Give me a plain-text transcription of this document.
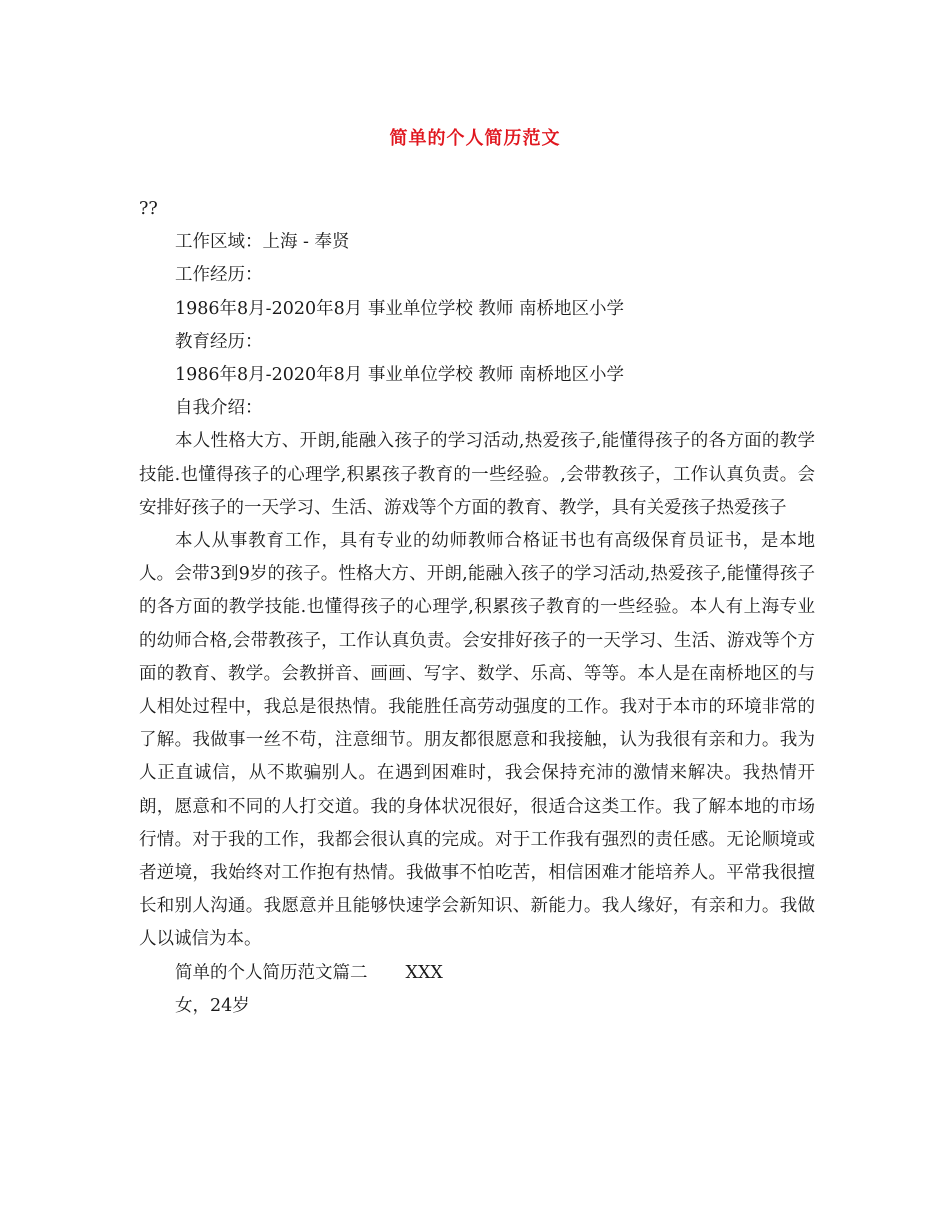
简单的个人简历范文

??

工作区域：上海 - 奉贤

工作经历：

1986年8月-2020年8月 事业单位学校 教师 南桥地区小学

教育经历：

1986年8月-2020年8月 事业单位学校 教师 南桥地区小学

自我介绍：

本人性格大方、开朗,能融入孩子的学习活动,热爱孩子,能懂得孩子的各方面的教学技能.也懂得孩子的心理学,积累孩子教育的一些经验。,会带教孩子，工作认真负责。会安排好孩子的一天学习、生活、游戏等个方面的教育、教学，具有关爱孩子热爱孩子

本人从事教育工作，具有专业的幼师教师合格证书也有高级保育员证书，是本地人。会带3到9岁的孩子。性格大方、开朗,能融入孩子的学习活动,热爱孩子,能懂得孩子的各方面的教学技能.也懂得孩子的心理学,积累孩子教育的一些经验。本人有上海专业的幼师合格,会带教孩子，工作认真负责。会安排好孩子的一天学习、生活、游戏等个方面的教育、教学。会教拼音、画画、写字、数学、乐高、等等。本人是在南桥地区的与人相处过程中，我总是很热情。我能胜任高劳动强度的工作。我对于本市的环境非常的了解。我做事一丝不苟，注意细节。朋友都很愿意和我接触，认为我很有亲和力。我为人正直诚信，从不欺骗别人。在遇到困难时，我会保持充沛的激情来解决。我热情开朗，愿意和不同的人打交道。我的身体状况很好，很适合这类工作。我了解本地的市场行情。对于我的工作，我都会很认真的完成。对于工作我有强烈的责任感。无论顺境或者逆境，我始终对工作抱有热情。我做事不怕吃苦，相信困难才能培养人。平常我很擅长和别人沟通。我愿意并且能够快速学会新知识、新能力。我人缘好，有亲和力。我做人以诚信为本。

简单的个人简历范文篇二 XXX

女，24岁
